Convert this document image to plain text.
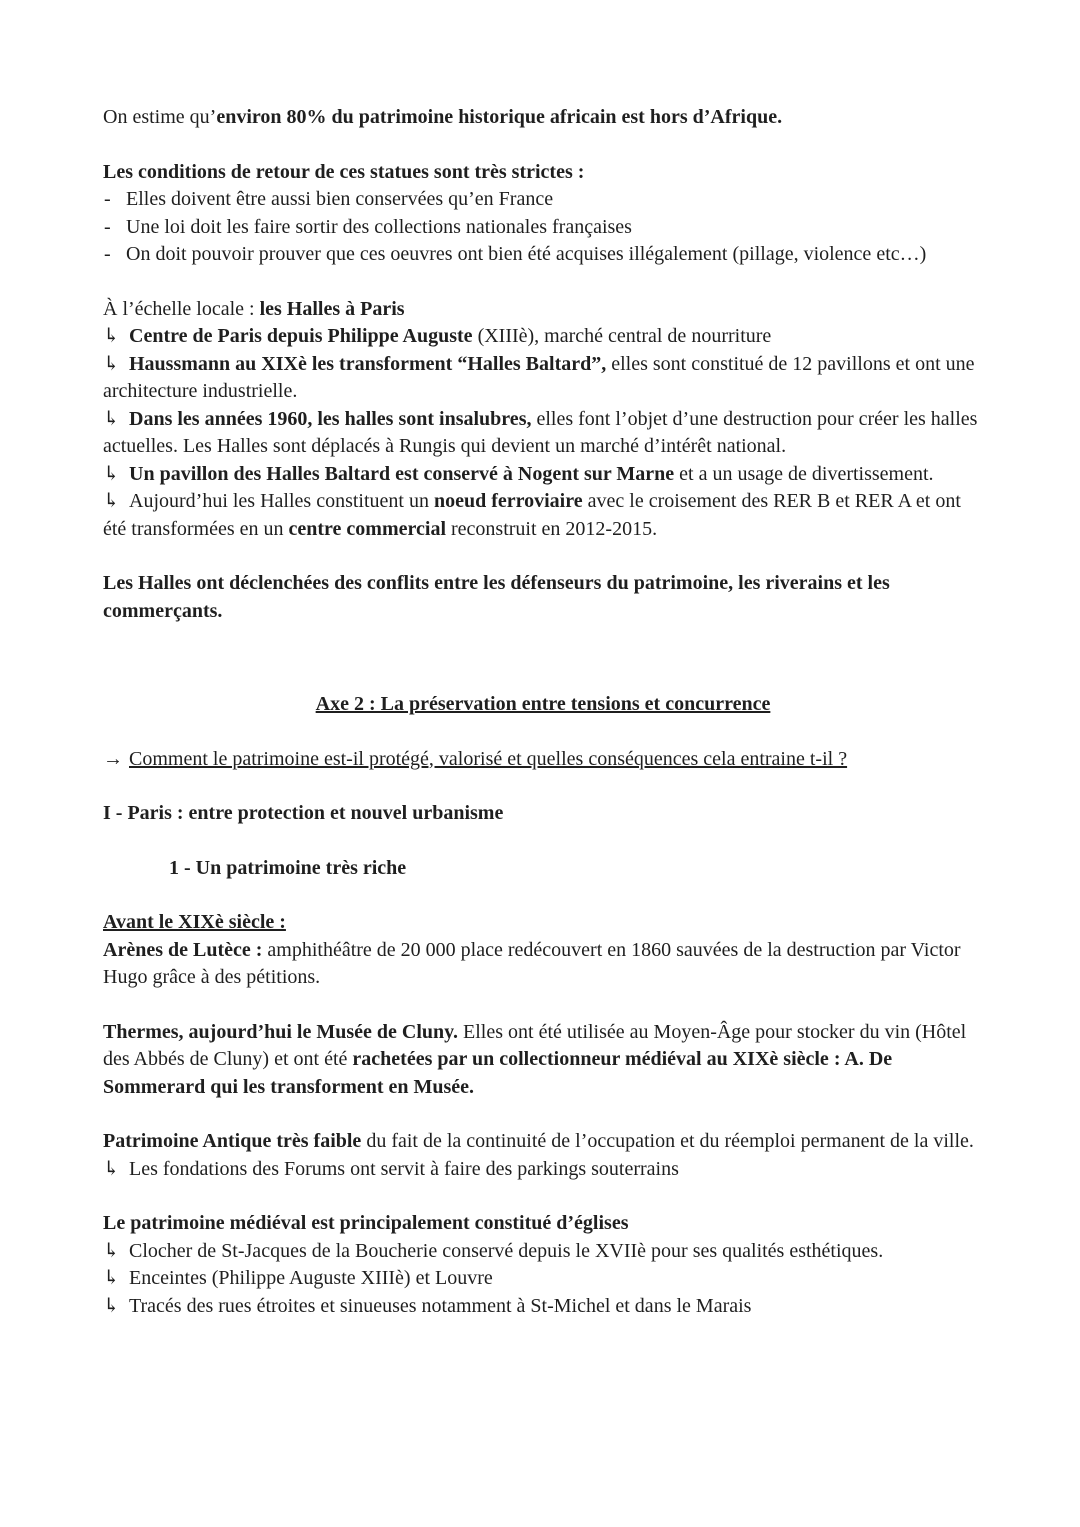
On estime qu’environ 80% du patrimoine historique africain est hors d’Afrique.

Les conditions de retour de ces statues sont très strictes :

- Elles doivent être aussi bien conservées qu’en France
- Une loi doit les faire sortir des collections nationales françaises
- On doit pouvoir prouver que ces oeuvres ont bien été acquises illégalement (pillage, violence etc…)

À l’échelle locale : les Halles à Paris

↳ Centre de Paris depuis Philippe Auguste (XIIIè), marché central de nourriture

↳ Haussmann au XIXè les transforment “Halles Baltard”, elles sont constitué de 12 pavillons et ont une architecture industrielle.

↳ Dans les années 1960, les halles sont insalubres, elles font l’objet d’une destruction pour créer les halles actuelles. Les Halles sont déplacés à Rungis qui devient un marché d’intérêt national.

↳ Un pavillon des Halles Baltard est conservé à Nogent sur Marne et a un usage de divertissement.

↳ Aujourd’hui les Halles constituent un noeud ferroviaire avec le croisement des RER B et RER A et ont été transformées en un centre commercial reconstruit en 2012-2015.

Les Halles ont déclenchées des conflits entre les défenseurs du patrimoine, les riverains et les commerçants.

Axe 2 : La préservation entre tensions et concurrence

→ Comment le patrimoine est-il protégé, valorisé et quelles conséquences cela entraine t-il ?

I - Paris : entre protection et nouvel urbanisme

1 - Un patrimoine très riche

Avant le XIXè siècle :

Arènes de Lutèce : amphithéâtre de 20 000 place redécouvert en 1860 sauvées de la destruction par Victor Hugo grâce à des pétitions.

Thermes, aujourd’hui le Musée de Cluny. Elles ont été utilisée au Moyen-Âge pour stocker du vin (Hôtel des Abbés de Cluny) et ont été rachetées par un collectionneur médiéval au XIXè siècle : A. De Sommerard qui les transforment en Musée.

Patrimoine Antique très faible du fait de la continuité de l’occupation et du réemploi permanent de la ville.

↳ Les fondations des Forums ont servit à faire des parkings souterrains

Le patrimoine médiéval est principalement constitué d’églises

↳ Clocher de St-Jacques de la Boucherie conservé depuis le XVIIè pour ses qualités esthétiques.

↳ Enceintes (Philippe Auguste XIIIè) et Louvre

↳ Tracés des rues étroites et sinueuses notamment à St-Michel et dans le Marais
